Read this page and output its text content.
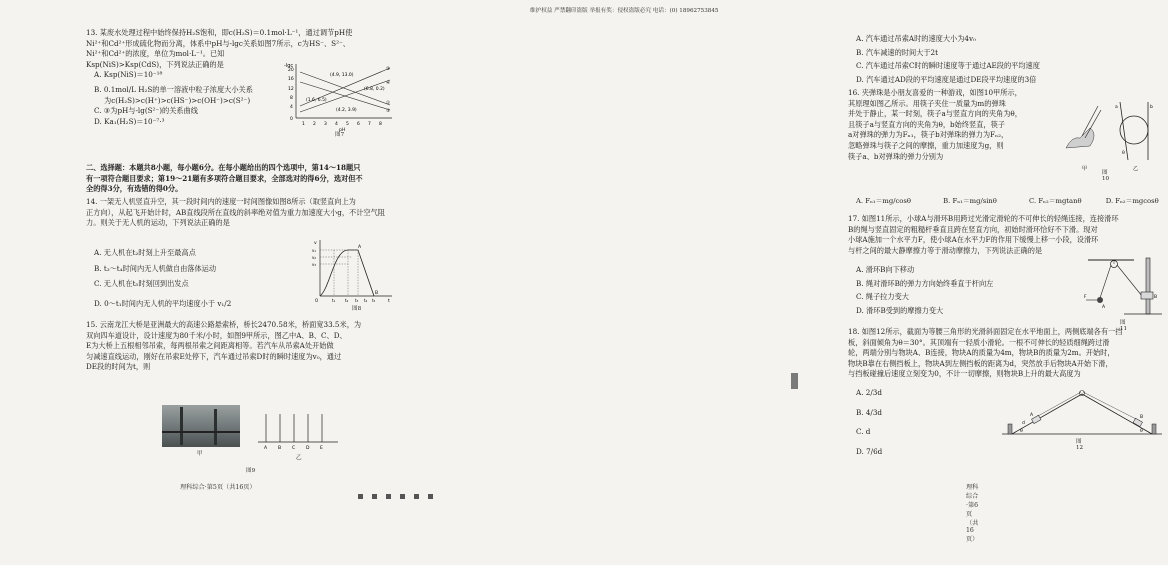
维护权益 严禁翻印盗版 举报有奖：侵权盗版必究 电话：(0) 18962753845
13. 某废水处理过程中始终保持H₂S饱和，即c(H₂S)＝0.1mol·L⁻¹，通过调节pH使
Ni²⁺和Cd²⁺形成硫化物而分离，体系中pH与-lgc关系如图7所示，c为HS⁻、S²⁻、
Ni²⁺和Cd²⁺的浓度，单位为mol·L⁻¹。已知
Ksp(NiS)>Ksp(CdS)，下列说法正确的是
A. Ksp(NiS)＝10⁻¹⁸
B. 0.1mol/L H₂S的单一溶液中粒子浓度大小关系
为c(H₂S)>c(H⁺)>c(HS⁻)>c(OH⁻)>c(S²⁻)
C. ③为pH与-lg(S²⁻)的关系曲线
D. Ka₁(H₂S)＝10⁻⁷·³
-lgc
20
16
12
8
4
0
1 2 3 4 5 6 7 8
pH
①
②
③
④
(4.9, 13.0)
(6.8, 0.2)
(1.6, 6.5)
(4.2, 3.9)
图7
二、选择题：本题共8小题，每小题6分。在每小题给出的四个选项中，第14～18题只
有一项符合题目要求；第19～21题有多项符合题目要求，全部选对的得6分，选对但不
全的得3分，有选错的得0分。
14. 一架无人机竖直升空，其一段时间内的速度一时间图像如图8所示（取竖直向上为
正方向），从起飞开始计时，AB直线段所在直线的斜率绝对值为重力加速度大小g，不计空气阻
力。则关于无人机的运动，下列说法正确的是
A. 无人机在t₂时刻上升至最高点
B. t₃～t₄时间内无人机做自由落体运动
C. 无人机在t₅时刻回到出发点
D. 0～t₁时间内无人机的平均速度小于 v₁/2
v
t
v₁
v₂
v₃
A
B
O	t₁ t₂ t₃ t₄ t₅
图8
15. 云南龙江大桥是亚洲最大的高速公路悬索桥，桥长2470.58米，桥面宽33.5米，为
双向四车道设计，设计速度为80千米/小时，如图9甲所示，图乙中A、B、C、D、
E为大桥上五根相邻吊索，每两根吊索之间距离相等。若汽车从吊索A处开始做
匀减速直线运动，刚好在吊索E处停下，汽车通过吊索D时的瞬时速度为v₀，通过
DE段的时间为t，则
甲
A B C D E
乙
图9
理科综合·第5页（共16页）
A. 汽车通过吊索A时的速度大小为4v₀
B. 汽车减速的时间大于2t
C. 汽车通过吊索C时的瞬时速度等于通过AE段的平均速度
D. 汽车通过AD段的平均速度是通过DE段平均速度的3倍
16. 夹弹珠是小朋友喜爱的一种游戏，如图10甲所示，
其原理如图乙所示。用筷子夹住一质量为m的弹珠
并处于静止，某一时刻，筷子a与竖直方向的夹角为θ，
且筷子a与竖直方向的夹角为θ，b始终竖直，筷子
a对弹珠的弹力为Fₙ₁，筷子b对弹珠的弹力为Fₙ₂，
忽略弹珠与筷子之间的摩擦，重力加速度为g，则
筷子a、b对弹珠的弹力分别为
A. Fₙ₁＝mg/cosθ	B. Fₙ₁＝mg/sinθ	C. Fₙ₂＝mgtanθ	D. Fₙ₂＝mgcosθ
甲
a	b
θ
乙
图10
17. 如图11所示，小球A与滑环B用跨过光滑定滑轮的不可伸长的轻绳连接，连接滑环
B的绳与竖直固定的粗糙杆垂直且跨在竖直方向，初始时滑环恰好不下滑。现对
小球A施加一个水平力F，使小球A在水平力F的作用下缓慢上移一小段，设滑环
与杆之间的最大静摩擦力等于滑动摩擦力，下列说法正确的是
A. 滑环B向下移动
B. 绳对滑环B的弹力方向始终垂直于杆向左
C. 绳子拉力变大
D. 滑环B受到的摩擦力变大
F
A
B
图11
18. 如图12所示，截面为等腰三角形的光滑斜面固定在水平地面上，两侧底端各有一挡
板，斜面倾角为θ＝30°。其顶端有一轻质小滑轮。一根不可伸长的轻质细绳跨过滑
轮，两端分别与物块A、B连接，物块A的质量为4m，物块B的质量为2m。开始时，
物块B靠在右侧挡板上，物块A到左侧挡板的距离为d，突然放手后物块A开始下滑，
与挡板碰撞后速度立刻变为0，不计一切摩擦，则物块B上升的最大高度为
A. 2/3d
B. 4/3d
C. d
D. 7/6d
A	B
θ	θ
d
图12
理科综合·第6页（共16页）
